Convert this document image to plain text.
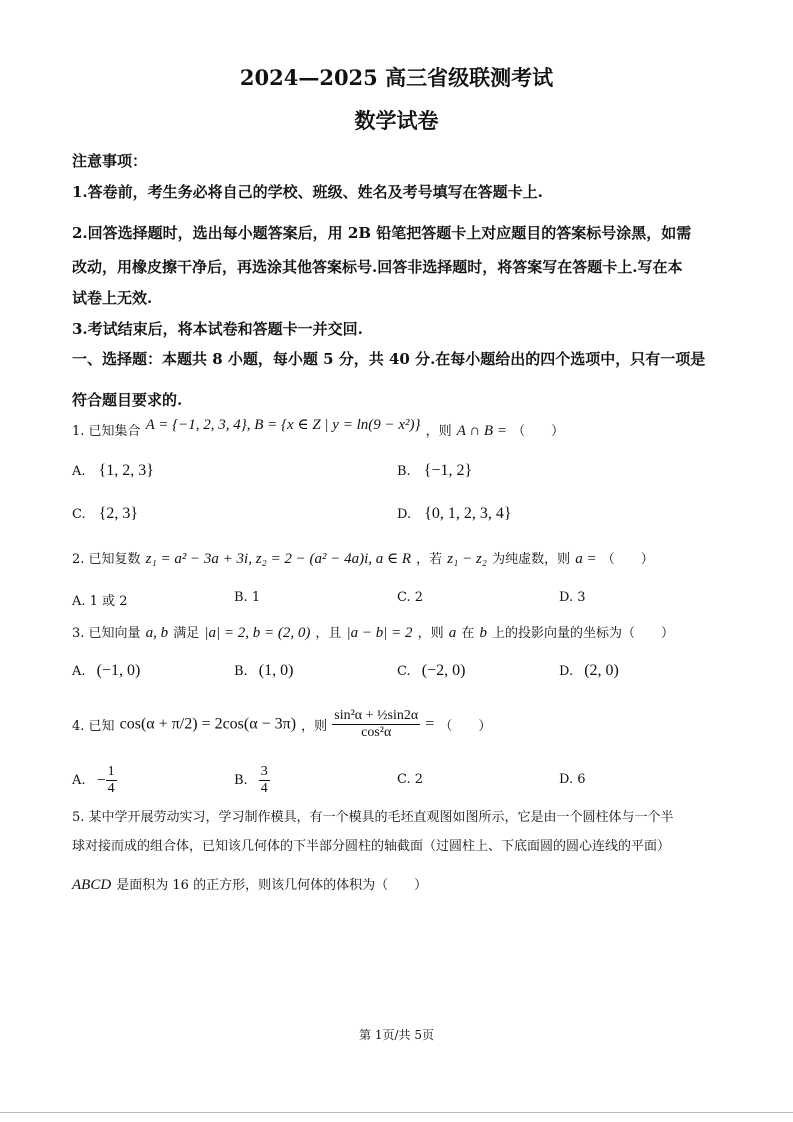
2024—2025 高三省级联测考试
数学试卷
注意事项：
1.答卷前，考生务必将自己的学校、班级、姓名及考号填写在答题卡上.
2.回答选择题时，选出每小题答案后，用 2B 铅笔把答题卡上对应题目的答案标号涂黑，如需
改动，用橡皮擦干净后，再选涂其他答案标号.回答非选择题时，将答案写在答题卡上.写在本
试卷上无效.
3.考试结束后，将本试卷和答题卡一并交回.
一、选择题：本题共 8 小题，每小题 5 分，共 40 分.在每小题给出的四个选项中，只有一项是
符合题目要求的.
1. 已知集合 A = {−1, 2, 3, 4}, B = {x ∈ Z | y = ln(9 − x²)} ，则 A ∩ B = （　　）
A. {1, 2, 3}	B. {−1, 2}
C. {2, 3}	D. {0, 1, 2, 3, 4}
2. 已知复数 z₁ = a² − 3a + 3i, z₂ = 2 − (a² − 4a)i, a ∈ R ，若 z₁ − z₂ 为纯虚数，则 a = （　　）
A. 1 或 2	B. 1	C. 2	D. 3
3. 已知向量 a, b 满足 |a| = 2, b = (2, 0) ，且 |a − b| = 2 ，则 a 在 b 上的投影向量的坐标为（　　）
A. (−1, 0)	B. (1, 0)	C. (−2, 0)	D. (2, 0)
4. 已知 cos(α + π/2) = 2cos(α − 3π) ，则 $\frac{\text{sin²α + ½sin2α}}{\text{cos²α}}$ = （　　）
A. − $\frac{1}{4}$	B. $\frac{3}{4}$	C. 2	D. 6
5. 某中学开展劳动实习，学习制作模具，有一个模具的毛坯直观图如图所示，它是由一个圆柱体与一个半
球对接而成的组合体，已知该几何体的下半部分圆柱的轴截面（过圆柱上、下底面圆的圆心连线的平面）
ABCD 是面积为 16 的正方形，则该几何体的体积为（　　）
第 1页/共 5页
